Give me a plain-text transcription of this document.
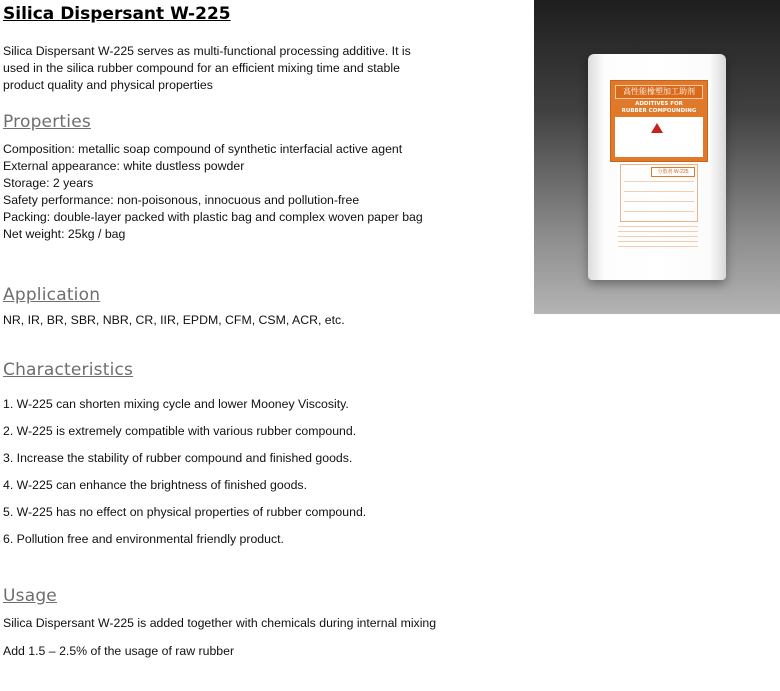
Silica Dispersant W-225

Silica Dispersant W-225 serves as multi-functional processing additive. It is

used in the silica rubber compound for an efficient mixing time and stable

product quality and physical properties

Properties

Composition: metallic soap compound of synthetic interfacial active agent

External appearance: white dustless powder

Storage: 2 years

Safety performance: non-poisonous, innocuous and pollution-free

Packing: double-layer packed with plastic bag and complex woven paper bag

Net weight: 25kg / bag

Application

NR, IR, BR, SBR, NBR, CR, IIR, EPDM, CFM, CSM, ACR, etc.

Characteristics

1. W-225 can shorten mixing cycle and lower Mooney Viscosity.

2. W-225 is extremely compatible with various rubber compound.

3. Increase the stability of rubber compound and finished goods.

4. W-225 can enhance the brightness of finished goods.

5. W-225 has no effect on physical properties of rubber compound.

6. Pollution free and environmental friendly product.

Usage

Silica Dispersant W-225 is added together with chemicals during internal mixing

Add 1.5 – 2.5% of the usage of raw rubber

高性能橡塑加工助剂
ADDITIVES FOR
RUBBER COMPOUNDING
分散剂 W-225
